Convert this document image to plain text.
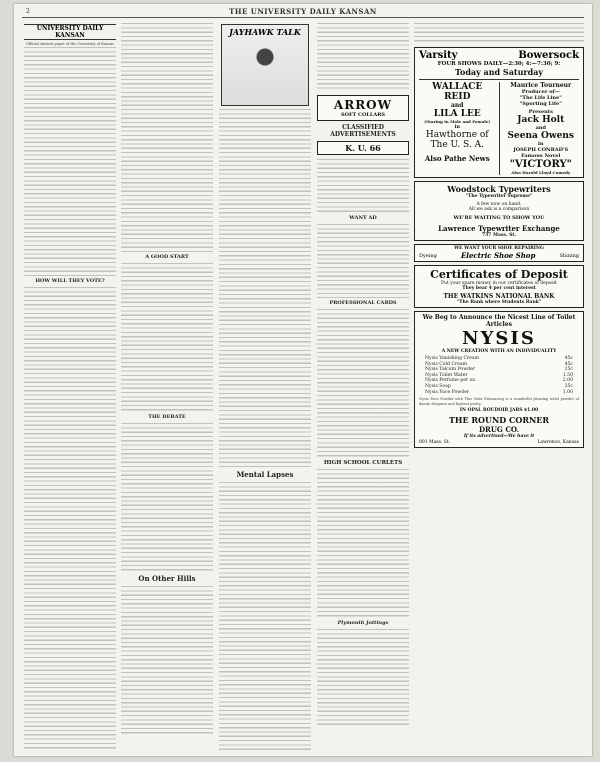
2	THE UNIVERSITY DAILY KANSAN
UNIVERSITY DAILY KANSAN
Official student paper of the University of Kansas
HOW WILL THEY VOTE?
A GOOD START
THE DEBATE
On Other Hills
JAYHAWK TALK
Mental Lapses
ARROW
SOFT COLLARS
CLASSIFIED ADVERTISEMENTS
K. U. 66
WANT AD
PROFESSIONAL CARDS
HIGH SCHOOL CURLETS
Plymouth Jottings
Varsity	Bowersock
FOUR SHOWS DAILY—2:30; 4:—7:30; 9:
Today and Saturday
WALLACE REID
and
LILA LEE
(Staring in Male and Female)
in
Hawthorne of
The U. S. A.
Also Pathe News
Maurice Tourneur
Producer of—
"The Life Line"
"Sporting Life"
Presents
Jack Holt
and
Seena Owens
in
JOSEPH CONRAD'S
Famous Novel
"VICTORY"
Also Harold Lloyd Comedy
Woodstock Typewriters
"The Typewriter Supreme"
A few now on hand.
All we ask is a comparison
WE'RE WAITING TO SHOW YOU
Lawrence Typewriter Exchange
737 Mass. St.
WE WANT YOUR SHOE REPAIRING
Dyeing	Electric Shoe Shop	Shining
Certificates of Deposit
Put your spare money in our certificates of deposit
They bear 4 per cent interest
THE WATKINS NATIONAL BANK
"The Bank where Students Bank"
We Beg to Announce the Nicest Line of Toilet Articles
NYSIS
A NEW CREATION WITH AN INDIVIDUALITY
Nysis Vanishing Cream	45c
Nysis Cold Cream	45c
Nysis Talcum Powder	25c
Nysis Toilet Water	1.50
Nysis Perfume per oz.	2.00
Nysis Soap	25c
Nysis Face Powder	1.00
Nysis Face Powder with This Odor Entrancing is a wonderful pleasing toilet powder of dainty elegance and highest purity.
IN OPAL BOUDOIR JARS $1.00
THE ROUND CORNER
DRUG CO.
If its advertised—We have it
801 Mass. St.	Lawrence, Kansas
